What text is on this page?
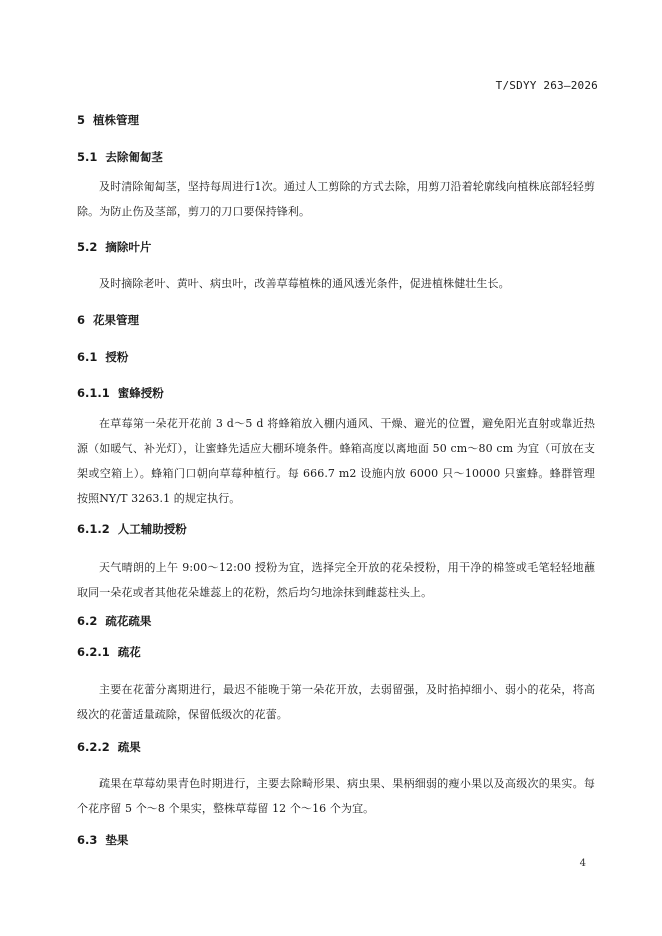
T/SDYY 263—2026
5 植株管理
5.1 去除匍匐茎
及时清除匍匐茎，坚持每周进行1次。通过人工剪除的方式去除，用剪刀沿着轮廓线向植株底部轻轻剪除。为防止伤及茎部，剪刀的刀口要保持锋利。
5.2 摘除叶片
及时摘除老叶、黄叶、病虫叶，改善草莓植株的通风透光条件，促进植株健壮生长。
6 花果管理
6.1 授粉
6.1.1 蜜蜂授粉
在草莓第一朵花开花前 3 d～5 d 将蜂箱放入棚内通风、干燥、避光的位置，避免阳光直射或靠近热源（如暖气、补光灯），让蜜蜂先适应大棚环境条件。蜂箱高度以离地面 50 cm～80 cm 为宜（可放在支架或空箱上）。蜂箱门口朝向草莓种植行。每 666.7 m2 设施内放 6000 只～10000 只蜜蜂。蜂群管理按照NY/T 3263.1 的规定执行。
6.1.2 人工辅助授粉
天气晴朗的上午 9:00～12:00 授粉为宜，选择完全开放的花朵授粉，用干净的棉签或毛笔轻轻地蘸取同一朵花或者其他花朵雄蕊上的花粉，然后均匀地涂抹到雌蕊柱头上。
6.2 疏花疏果
6.2.1 疏花
主要在花蕾分离期进行，最迟不能晚于第一朵花开放，去弱留强，及时掐掉细小、弱小的花朵，将高级次的花蕾适量疏除，保留低级次的花蕾。
6.2.2 疏果
疏果在草莓幼果青色时期进行，主要去除畸形果、病虫果、果柄细弱的瘦小果以及高级次的果实。每个花序留 5 个～8 个果实，整株草莓留 12 个～16 个为宜。
6.3 垫果
4
